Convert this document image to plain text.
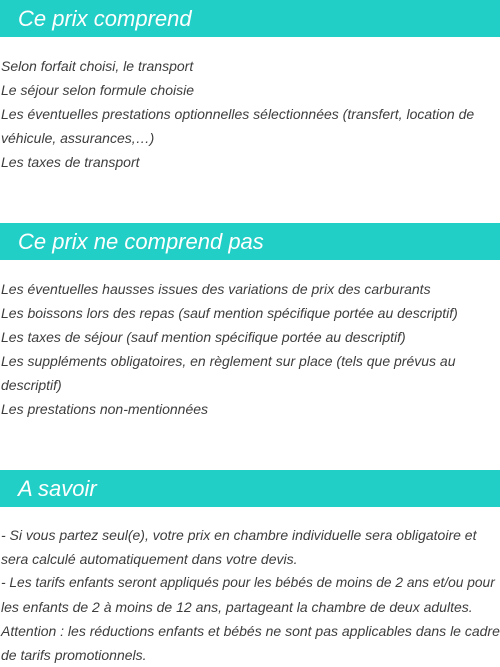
Ce prix comprend

Selon forfait choisi, le transport

Le séjour selon formule choisie

Les éventuelles prestations optionnelles sélectionnées (transfert, location de

véhicule, assurances,…)

Les taxes de transport

Ce prix ne comprend pas

Les éventuelles hausses issues des variations de prix des carburants

Les boissons lors des repas (sauf mention spécifique portée au descriptif)

Les taxes de séjour (sauf mention spécifique portée au descriptif)

Les suppléments obligatoires, en règlement sur place (tels que prévus au

descriptif)

Les prestations non-mentionnées

A savoir

- Si vous partez seul(e), votre prix en chambre individuelle sera obligatoire et

sera calculé automatiquement dans votre devis.

- Les tarifs enfants seront appliqués pour les bébés de moins de 2 ans et/ou pour

les enfants de 2 à moins de 12 ans, partageant la chambre de deux adultes.

Attention : les réductions enfants et bébés ne sont pas applicables dans le cadre

de tarifs promotionnels.
